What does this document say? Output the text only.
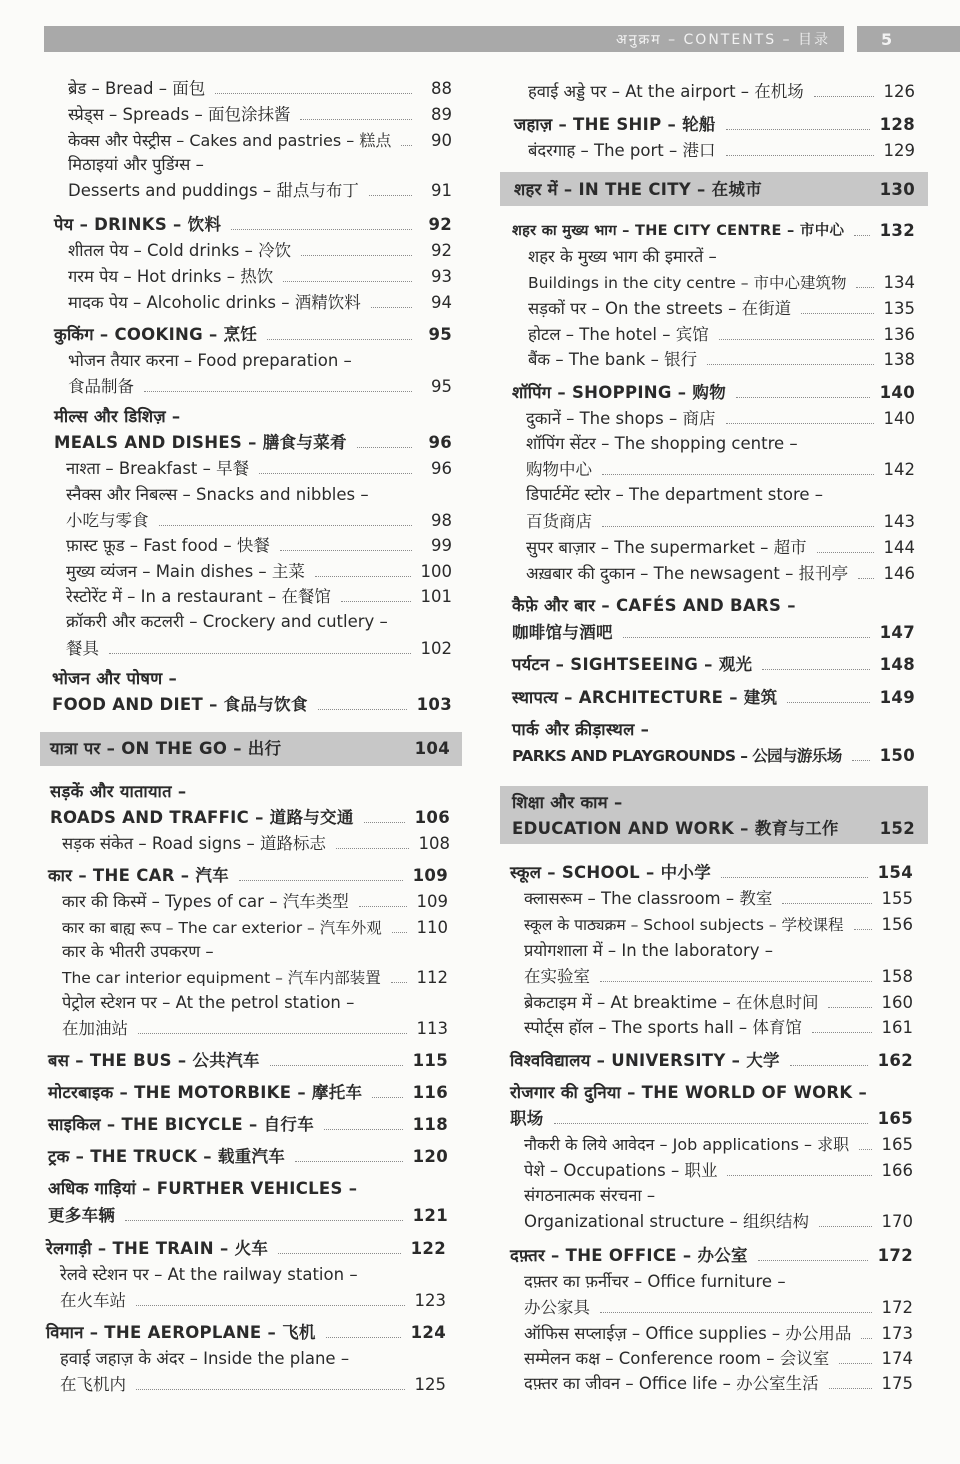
अनुक्रम – CONTENTS – 目录	5
ब्रेड – Bread – 面包	88
स्प्रेड्स – Spreads – 面包涂抹酱	89
केक्स और पेस्ट्रीस – Cakes and pastries – 糕点	90
मिठाइयां और पुडिंग्स –
Desserts and puddings – 甜点与布丁	91
पेय – DRINKS – 饮料	92
शीतल पेय – Cold drinks – 冷饮	92
गरम पेय – Hot drinks – 热饮	93
मादक पेय – Alcoholic drinks – 酒精饮料	94
कुकिंग – COOKING – 烹饪	95
भोजन तैयार करना – Food preparation –
食品制备	95
मील्स और डिशिज़ –
MEALS AND DISHES – 膳食与菜肴	96
नाश्ता – Breakfast – 早餐	96
स्नैक्स और निबल्स – Snacks and nibbles –
小吃与零食	98
फ़ास्ट फ़ूड – Fast food – 快餐	99
मुख्य व्यंजन – Main dishes – 主菜	100
रेस्टोरेंट में – In a restaurant – 在餐馆	101
क्रॉकरी और कटलरी – Crockery and cutlery –
餐具	102
भोजन और पोषण –
FOOD AND DIET – 食品与饮食	103
यात्रा पर – ON THE GO – 出行	104
सड़कें और यातायात –
ROADS AND TRAFFIC – 道路与交通	106
सड़क संकेत – Road signs – 道路标志	108
कार – THE CAR – 汽车	109
कार की किस्में – Types of car – 汽车类型	109
कार का बाह्य रूप – The car exterior – 汽车外观 110
कार के भीतरी उपकरण –
The car interior equipment – 汽车内部装置 112
पेट्रोल स्टेशन पर – At the petrol station –
在加油站	113
बस – THE BUS – 公共汽车	115
मोटरबाइक – THE MOTORBIKE – 摩托车	116
साइकिल – THE BICYCLE – 自行车	118
ट्रक – THE TRUCK – 载重汽车	120
अधिक गाड़ियां – FURTHER VEHICLES –
更多车辆	121
रेलगाड़ी – THE TRAIN – 火车	122
रेलवे स्टेशन पर – At the railway station –
在火车站	123
विमान – THE AEROPLANE – 飞机	124
हवाई जहाज़ के अंदर – Inside the plane –
在飞机内	125
हवाई अड्डे पर – At the airport – 在机场	126
जहाज़ – THE SHIP – 轮船	128
बंदरगाह – The port – 港口	129
शहर में – IN THE CITY – 在城市	130
शहर का मुख्य भाग – THE CITY CENTRE – 市中心 132
शहर के मुख्य भाग की इमारतें –
Buildings in the city centre – 市中心建筑物 134
सड़कों पर – On the streets – 在街道	135
होटल – The hotel – 宾馆	136
बैंक – The bank – 银行	138
शॉपिंग – SHOPPING – 购物	140
दुकानें – The shops – 商店	140
शॉपिंग सेंटर – The shopping centre –
购物中心	142
डिपार्टमेंट स्टोर – The department store –
百货商店	143
सुपर बाज़ार – The supermarket – 超市	144
अख़बार की दुकान – The newsagent – 报刊亭 146
कैफ़े और बार – CAFÉS AND BARS –
咖啡馆与酒吧	147
पर्यटन – SIGHTSEEING – 观光	148
स्थापत्य – ARCHITECTURE – 建筑	149
पार्क और क्रीड़ास्थल –
PARKS AND PLAYGROUNDS – 公园与游乐场 150
शिक्षा और काम –
EDUCATION AND WORK – 教育与工作 152
स्कूल – SCHOOL – 中小学	154
क्लासरूम – The classroom – 教室	155
स्कूल के पाठ्यक्रम – School subjects – 学校课程 156
प्रयोगशाला में – In the laboratory –
在实验室	158
ब्रेकटाइम में – At breaktime – 在休息时间	160
स्पोर्ट्स हॉल – The sports hall – 体育馆	161
विश्वविद्यालय – UNIVERSITY – 大学	162
रोजगार की दुनिया – THE WORLD OF WORK –
职场	165
नौकरी के लिये आवेदन – Job applications – 求职 165
पेशे – Occupations – 职业	166
संगठनात्मक संरचना –
Organizational structure – 组织结构	170
दफ़्तर – THE OFFICE – 办公室	172
दफ़्तर का फ़र्नीचर – Office furniture –
办公家具	172
ऑफिस सप्लाईज़ – Office supplies – 办公用品 173
सम्मेलन कक्ष – Conference room – 会议室	174
दफ़्तर का जीवन – Office life – 办公室生活	175
